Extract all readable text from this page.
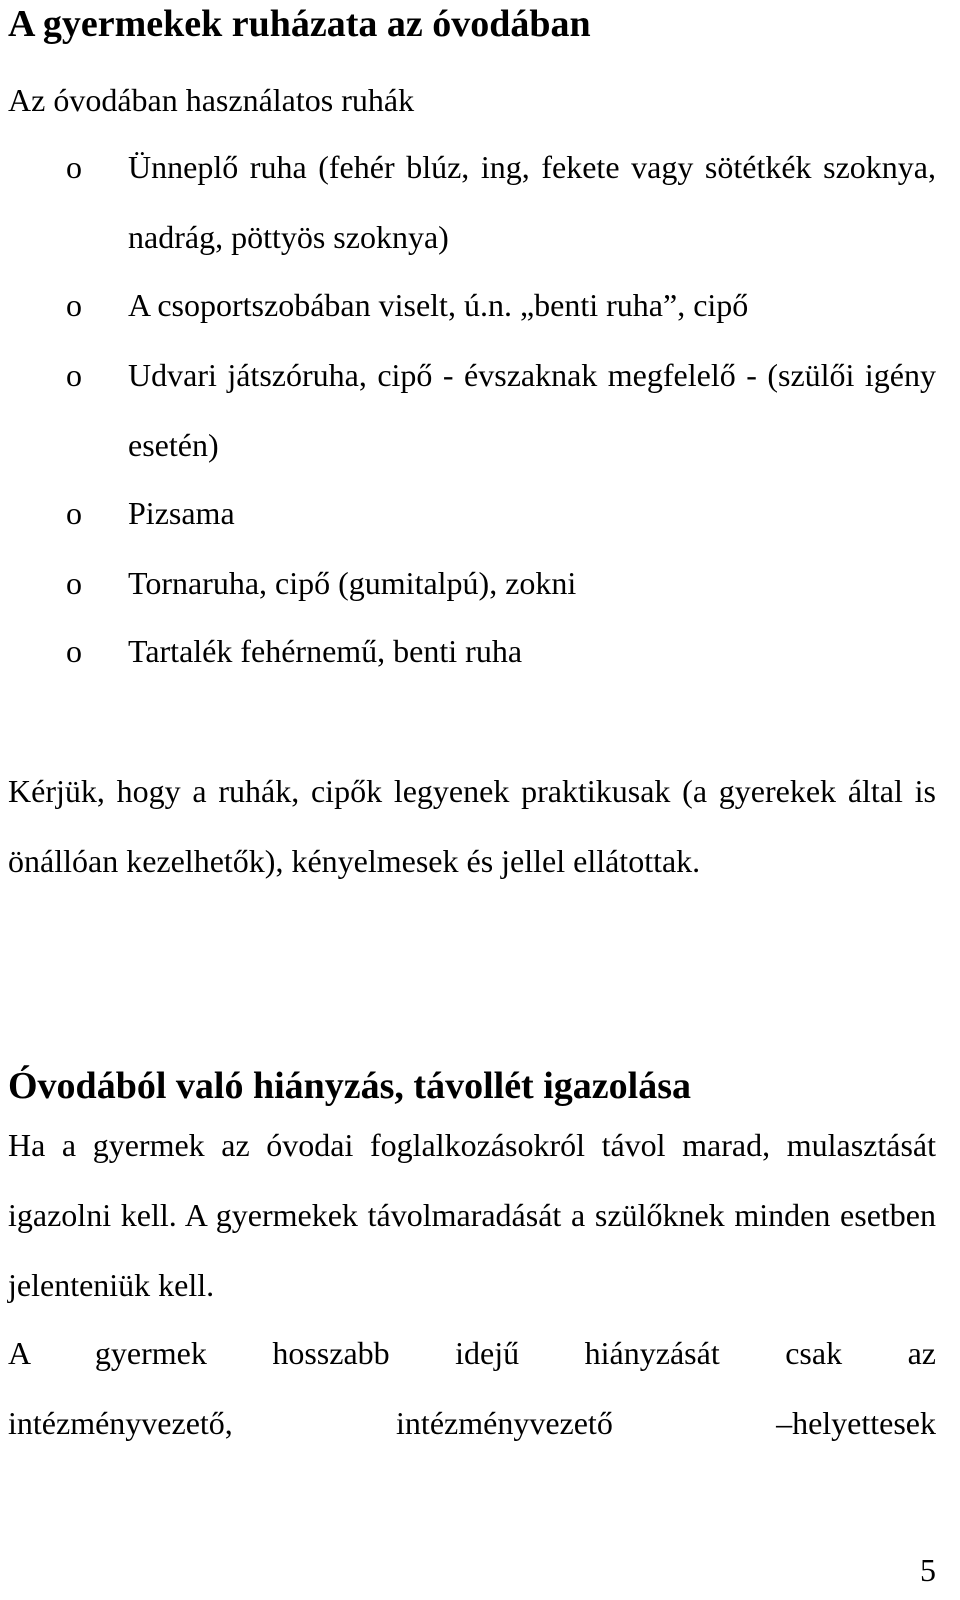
A gyermekek ruházata az óvodában

Az óvodában használatos ruhák

o Ünneplő ruha (fehér blúz, ing, fekete vagy sötétkék szoknya, nadrág, pöttyös szoknya)
o A csoportszobában viselt, ú.n. „benti ruha”, cipő
o Udvari játszóruha, cipő - évszaknak megfelelő - (szülői igény esetén)
o Pizsama
o Tornaruha, cipő (gumitalpú), zokni
o Tartalék fehérnemű, benti ruha

Kérjük, hogy a ruhák, cipők legyenek praktikusak (a gyerekek által is önállóan kezelhetők), kényelmesek és jellel ellátottak.

Óvodából való hiányzás, távollét igazolása

Ha a gyermek az óvodai foglalkozásokról távol marad, mulasztását igazolni kell. A gyermekek távolmaradását a szülőknek minden esetben jelenteniük kell.

A gyermek hosszabb idejű hiányzását csak az
intézményvezető, intézményvezető –helyettesek
5
